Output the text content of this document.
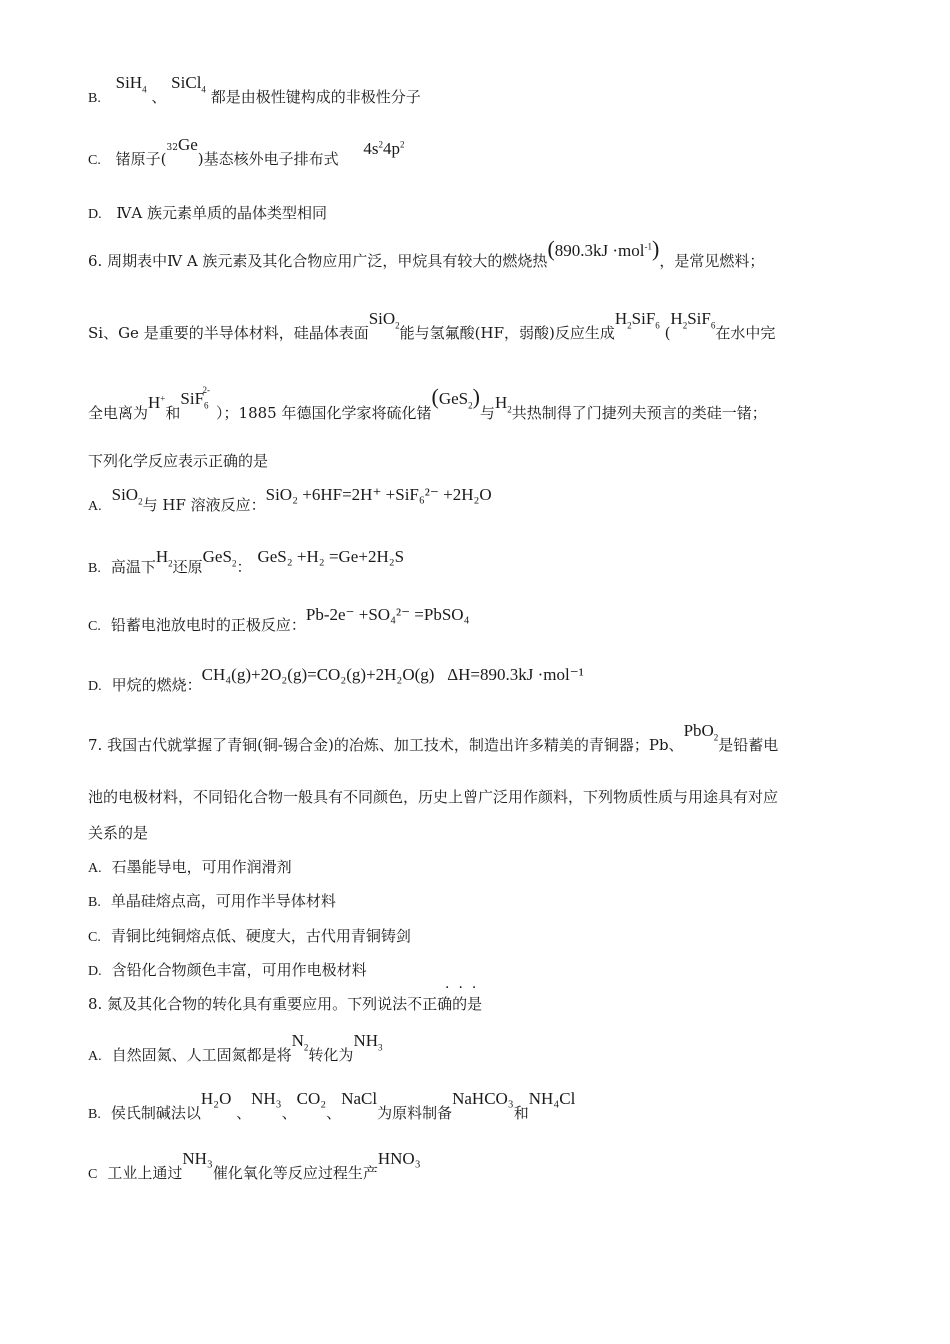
B. SiH$_4$ 、 SiCl$_4$ 都是由极性键构成的非极性分子
C. 锗原子($^{32}$Ge)基态核外电子排布式 $4s^24p^2$
D. ⅣA 族元素单质的晶体类型相同
6. 周期表中Ⅳ A 族元素及其化合物应用广泛，甲烷具有较大的燃烧热(890.3kJ ·mol$^{-1}$)，是常见燃料；
Si、Ge 是重要的半导体材料，硅晶体表面SiO$_2$能与氢氟酸(HF，弱酸)反应生成$H_2SiF_6$ ($H_2SiF_6$在水中完
全电离为H+和SiF$_6^{2-}$）；1885 年德国化学家将硫化锗(GeS$_2$)与$H_2$共热制得了门捷列夫预言的类硅一锗；
下列化学反应表示正确的是
A.SiO$_2$与 HF 溶液反应：SiO₂ +6HF=2H⁺ +SiF₆²⁻ +2H₂O
B. 高温下$H_2$还原GeS$_2$：GeS₂ +H₂ =Ge+2H₂S
C. 铅蓄电池放电时的正极反应：Pb-2e⁻ +SO₄²⁻ =PbSO₄
D. 甲烷的燃烧：CH₄(g)+2O₂(g)=CO₂(g)+2H₂O(g)   ΔH=890.3kJ ·mol⁻¹
7. 我国古代就掌握了青铜(铜-锡合金)的冶炼、加工技术，制造出许多精美的青铜器；Pb、PbO$_2$是铅蓄电
池的电极材料，不同铅化合物一般具有不同颜色，历史上曾广泛用作颜料，下列物质性质与用途具有对应
关系的是
A. 石墨能导电，可用作润滑剂
B. 单晶硅熔点高，可用作半导体材料
C. 青铜比纯铜熔点低、硬度大，古代用青铜铸剑
D. 含铅化合物颜色丰富，可用作电极材料
8. 氮及其化合物的转化具有重要应用。下列说法不正确的是
···
A. 自然固氮、人工固氮都是将$N_2$转化为$NH_3$
B. 侯氏制碱法以H₂O 、NH₃、CO₂、NaCl为原料制备NaHCO₃和NH₄Cl
C 工业上通过NH₃催化氧化等反应过程生产HNO₃
